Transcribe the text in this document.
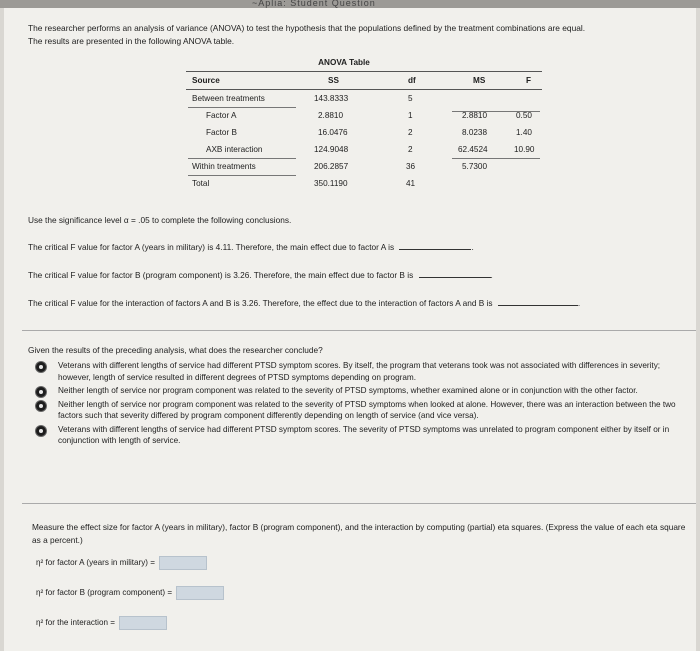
~Aplia: Student Question
The researcher performs an analysis of variance (ANOVA) to test the hypothesis that the populations defined by the treatment combinations are equal.
The results are presented in the following ANOVA table.
ANOVA Table
Source	SS	df	MS	F
Between treatments	143.8333	5
Factor A	2.8810	1	2.8810	0.50
Factor B	16.0476	2	8.0238	1.40
AXB interaction	124.9048	2	62.4524	10.90
Within treatments	206.2857	36	5.7300
Total	350.1190	41
Use the significance level α = .05 to complete the following conclusions.
The critical F value for factor A (years in military) is 4.11. Therefore, the main effect due to factor A is	.
The critical F value for factor B (program component) is 3.26. Therefore, the main effect due to factor B is	.
The critical F value for the interaction of factors A and B is 3.26. Therefore, the effect due to the interaction of factors A and B is	.
Given the results of the preceding analysis, what does the researcher conclude?
Veterans with different lengths of service had different PTSD symptom scores. By itself, the program that veterans took was not associated with differences in severity; however, length of service resulted in different degrees of PTSD symptoms depending on program.
Neither length of service nor program component was related to the severity of PTSD symptoms, whether examined alone or in conjunction with the other factor.
Neither length of service nor program component was related to the severity of PTSD symptoms when looked at alone. However, there was an interaction between the two factors such that severity differed by program component differently depending on length of service (and vice versa).
Veterans with different lengths of service had different PTSD symptom scores. The severity of PTSD symptoms was unrelated to program component either by itself or in conjunction with length of service.
Measure the effect size for factor A (years in military), factor B (program component), and the interaction by computing (partial) eta squares. (Express the value of each eta square as a percent.)
η² for factor A (years in military) =
η² for factor B (program component) =
η² for the interaction =
